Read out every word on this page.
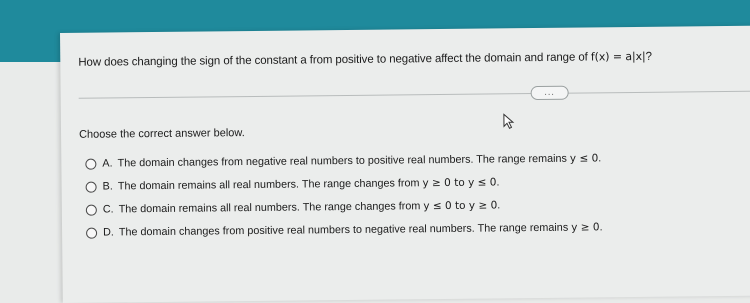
How does changing the sign of the constant a from positive to negative affect the domain and range of f(x) = a|x|?
...
Choose the correct answer below.
A. The domain changes from negative real numbers to positive real numbers. The range remains y ≤ 0.
B. The domain remains all real numbers. The range changes from y ≥ 0 to y ≤ 0.
C. The domain remains all real numbers. The range changes from y ≤ 0 to y ≥ 0.
D. The domain changes from positive real numbers to negative real numbers. The range remains y ≥ 0.
